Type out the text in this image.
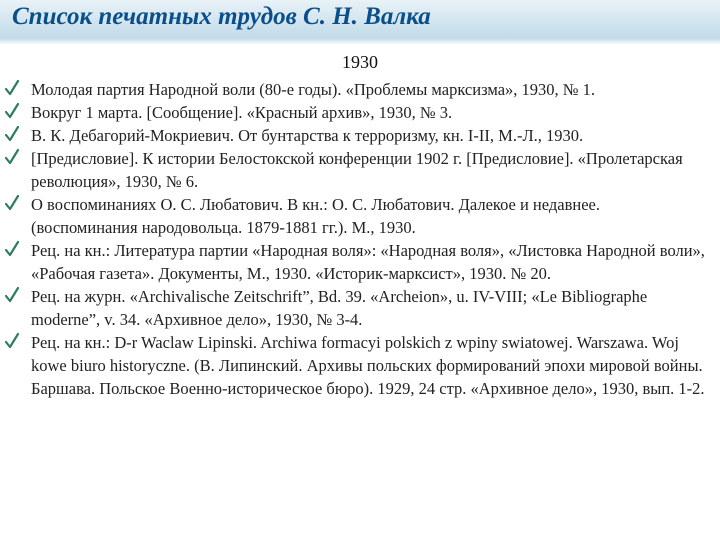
Список печатных трудов С. Н. Валка
1930
Молодая партия Народной воли (80-е годы). «Проблемы марксизма», 1930, № 1.
Вокруг 1 марта. [Сообщение]. «Красный архив», 1930, № 3.
В. К. Дебагорий-Мокриевич. От бунтарства к терроризму, кн. I-II, М.-Л., 1930.
[Предисловие]. К истории Белостокской конференции 1902 г. [Предисловие]. «Пролетарская революция», 1930, № 6.
О воспоминаниях О. С. Любатович. В кн.: О. С. Любатович. Далекое и недавнее. (воспоминания народовольца. 1879-1881 гг.). М., 1930.
Рец. на кн.: Литература партии «Народная воля»: «Народная воля», «Листовка Народной воли», «Рабочая газета». Документы, М., 1930. «Историк-марксист», 1930. № 20.
Рец. на журн. «Archivalische Zeitschrift”, Bd. 39. «Archeion», u. IV-VIII; «Le Bibliographe moderne”, v. 34. «Архивное дело», 1930, № 3-4.
Рец. на кн.: D-r Waclaw Lipinski. Archiwa formacyi polskich z wpiny swiatowej. Warszawa. Woj kowe biuro historyczne. (В. Липинский. Архивы польских формирований эпохи мировой войны. Баршава. Польское Военно-историческое бюро). 1929, 24 стр. «Архивное дело», 1930, вып. 1-2.
